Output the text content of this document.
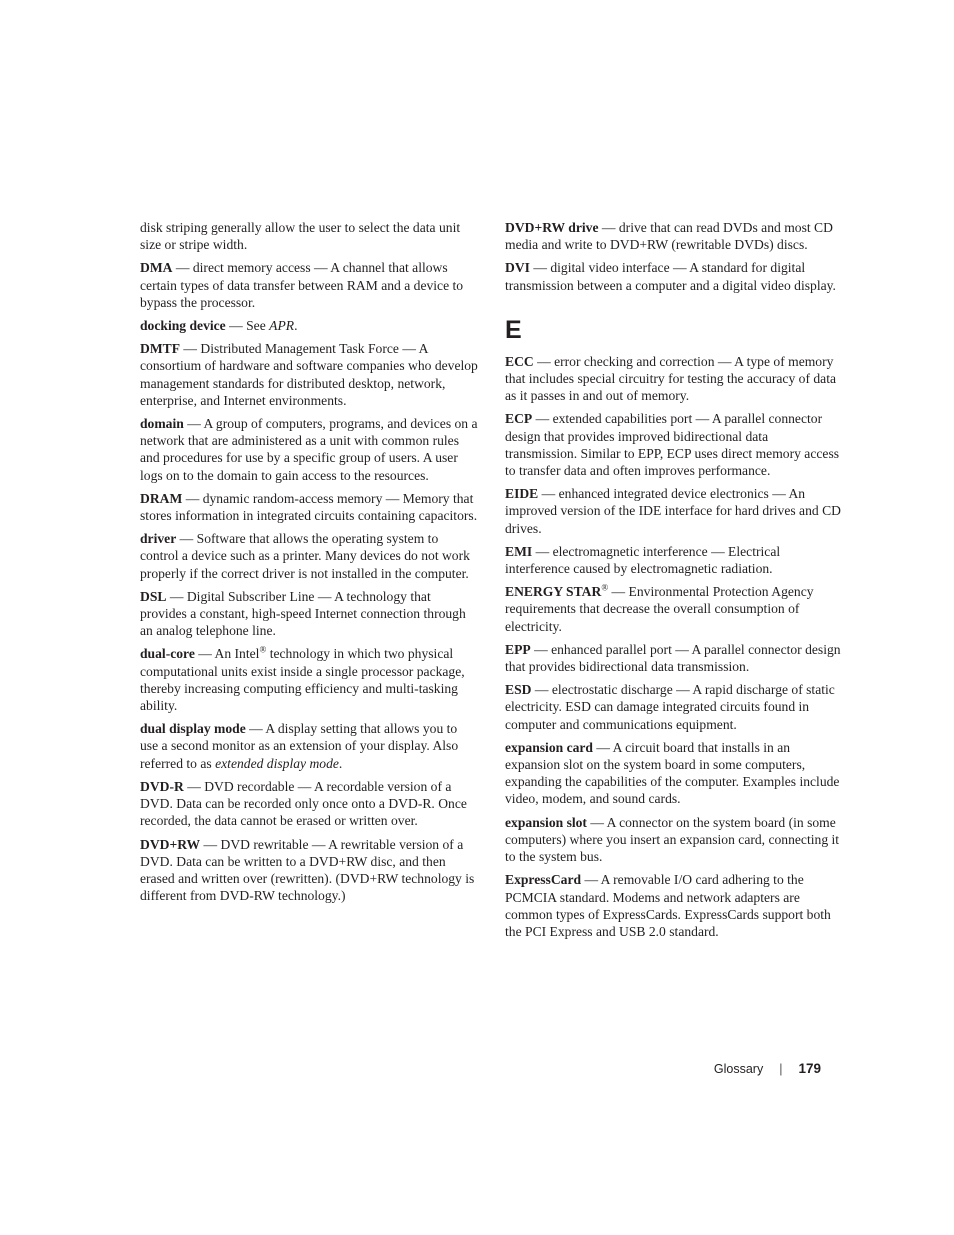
disk striping generally allow the user to select the data unit size or stripe width.

DMA — direct memory access — A channel that allows certain types of data transfer between RAM and a device to bypass the processor.

docking device — See APR.

DMTF — Distributed Management Task Force — A consortium of hardware and software companies who develop management standards for distributed desktop, network, enterprise, and Internet environments.

domain — A group of computers, programs, and devices on a network that are administered as a unit with common rules and procedures for use by a specific group of users. A user logs on to the domain to gain access to the resources.

DRAM — dynamic random-access memory — Memory that stores information in integrated circuits containing capacitors.

driver — Software that allows the operating system to control a device such as a printer. Many devices do not work properly if the correct driver is not installed in the computer.

DSL — Digital Subscriber Line — A technology that provides a constant, high-speed Internet connection through an analog telephone line.

dual-core — An Intel® technology in which two physical computational units exist inside a single processor package, thereby increasing computing efficiency and multi-tasking ability.

dual display mode — A display setting that allows you to use a second monitor as an extension of your display. Also referred to as extended display mode.

DVD-R — DVD recordable — A recordable version of a DVD. Data can be recorded only once onto a DVD-R. Once recorded, the data cannot be erased or written over.

DVD+RW — DVD rewritable — A rewritable version of a DVD. Data can be written to a DVD+RW disc, and then erased and written over (rewritten). (DVD+RW technology is different from DVD-RW technology.)

DVD+RW drive — drive that can read DVDs and most CD media and write to DVD+RW (rewritable DVDs) discs.

DVI — digital video interface — A standard for digital transmission between a computer and a digital video display.

E

ECC — error checking and correction — A type of memory that includes special circuitry for testing the accuracy of data as it passes in and out of memory.

ECP — extended capabilities port — A parallel connector design that provides improved bidirectional data transmission. Similar to EPP, ECP uses direct memory access to transfer data and often improves performance.

EIDE — enhanced integrated device electronics — An improved version of the IDE interface for hard drives and CD drives.

EMI — electromagnetic interference — Electrical interference caused by electromagnetic radiation.

ENERGY STAR® — Environmental Protection Agency requirements that decrease the overall consumption of electricity.

EPP — enhanced parallel port — A parallel connector design that provides bidirectional data transmission.

ESD — electrostatic discharge — A rapid discharge of static electricity. ESD can damage integrated circuits found in computer and communications equipment.

expansion card — A circuit board that installs in an expansion slot on the system board in some computers, expanding the capabilities of the computer. Examples include video, modem, and sound cards.

expansion slot — A connector on the system board (in some computers) where you insert an expansion card, connecting it to the system bus.

ExpressCard — A removable I/O card adhering to the PCMCIA standard. Modems and network adapters are common types of ExpressCards. ExpressCards support both the PCI Express and USB 2.0 standard.

Glossary | 179
